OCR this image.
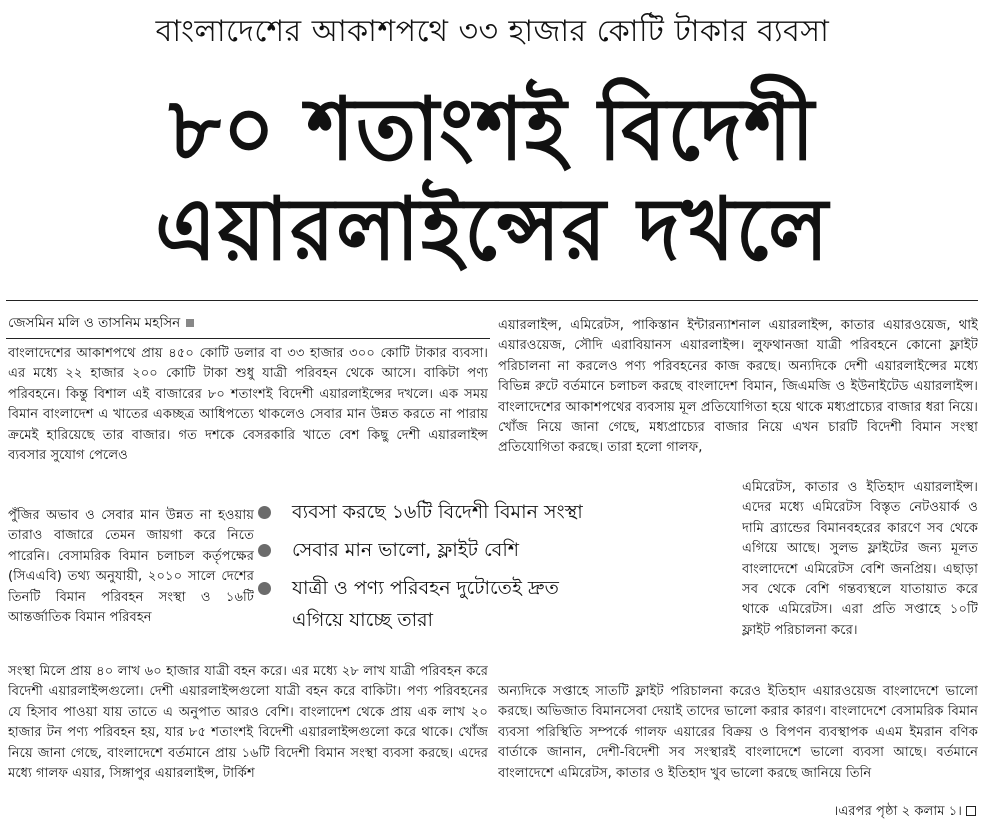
বাংলাদেশের আকাশপথে ৩৩ হাজার কোটি টাকার ব্যবসা
৮০ শতাংশই বিদেশী
এয়ারলাইন্সের দখলে
জেসমিন মলি ও তাসনিম মহসিন

বাংলাদেশের আকাশপথে প্রায় ৪৫০ কোটি ডলার বা ৩৩ হাজার ৩০০ কোটি টাকার ব্যবসা। এর মধ্যে ২২ হাজার ২০০ কোটি টাকা শুধু যাত্রী পরিবহন থেকে আসে। বাকিটা পণ্য পরিবহনে। কিন্তু বিশাল এই বাজারের ৮০ শতাংশই বিদেশী এয়ারলাইন্সের দখলে। এক সময় বিমান বাংলাদেশ এ খাতের একচ্ছত্র আধিপত্যে থাকলেও সেবার মান উন্নত করতে না পারায় ক্রমেই হারিয়েছে তার বাজার। গত দশকে বেসরকারি খাতে বেশ কিছু দেশী এয়ারলাইন্স ব্যবসার সুযোগ পেলেও

পুঁজির অভাব ও সেবার মান উন্নত না হওয়ায় তারাও বাজারে তেমন জায়গা করে নিতে পারেনি। বেসামরিক বিমান চলাচল কর্তৃপক্ষের (সিএএবি) তথ্য অনুযায়ী, ২০১০ সালে দেশের তিনটি বিমান পরিবহন সংস্থা ও ১৬টি আন্তর্জাতিক বিমান পরিবহন

সংস্থা মিলে প্রায় ৪০ লাখ ৬০ হাজার যাত্রী বহন করে। এর মধ্যে ২৮ লাখ যাত্রী পরিবহন করে বিদেশী এয়ারলাইন্সগুলো। দেশী এয়ারলাইন্সগুলো যাত্রী বহন করে বাকিটা। পণ্য পরিবহনের যে হিসাব পাওয়া যায় তাতে এ অনুপাত আরও বেশি। বাংলাদেশ থেকে প্রায় এক লাখ ২০ হাজার টন পণ্য পরিবহন হয়, যার ৮৫ শতাংশই বিদেশী এয়ারলাইন্সগুলো করে থাকে। খোঁজ নিয়ে জানা গেছে, বাংলাদেশে বর্তমানে প্রায় ১৬টি বিদেশী বিমান সংস্থা ব্যবসা করছে। এদের মধ্যে গালফ এয়ার, সিঙ্গাপুর এয়ারলাইন্স, টার্কিশ

এয়ারলাইন্স, এমিরেটস, পাকিস্তান ইন্টারন্যাশনাল এয়ারলাইন্স, কাতার এয়ারওয়েজ, থাই এয়ারওয়েজ, সৌদি এরাবিয়ানস এয়ারলাইন্স। লুফথানজা যাত্রী পরিবহনে কোনো ফ্লাইট পরিচালনা না করলেও পণ্য পরিবহনের কাজ করছে। অন্যদিকে দেশী এয়ারলাইন্সের মধ্যে বিভিন্ন রুটে বর্তমানে চলাচল করছে বাংলাদেশ বিমান, জিএমজি ও ইউনাইটেড এয়ারলাইন্স। বাংলাদেশের আকাশপথের ব্যবসায় মূল প্রতিযোগিতা হয়ে থাকে মধ্যপ্রাচ্যের বাজার ধরা নিয়ে। খোঁজ নিয়ে জানা গেছে, মধ্যপ্রাচ্যের বাজার নিয়ে এখন চারটি বিদেশী বিমান সংস্থা প্রতিযোগিতা করছে। তারা হলো গালফ,

এমিরেটস, কাতার ও ইতিহাদ এয়ারলাইন্স। এদের মধ্যে এমিরেটস বিস্তৃত নেটওয়ার্ক ও দামি ব্র্যান্ডের বিমানবহরের কারণে সব থেকে এগিয়ে আছে। সুলভ ফ্লাইটের জন্য মূলত বাংলাদেশে এমিরেটস বেশি জনপ্রিয়। এছাড়া সব থেকে বেশি গন্তব্যস্থলে যাতায়াত করে থাকে এমিরেটস। এরা প্রতি সপ্তাহে ১০টি ফ্লাইট পরিচালনা করে।

অন্যদিকে সপ্তাহে সাতটি ফ্লাইট পরিচালনা করেও ইতিহাদ এয়ারওয়েজ বাংলাদেশে ভালো করছে। অভিজাত বিমানসেবা দেয়াই তাদের ভালো করার কারণ। বাংলাদেশে বেসামরিক বিমান ব্যবসা পরিস্থিতি সম্পর্কে গালফ এয়ারের বিক্রয় ও বিপণন ব্যবস্থাপক এএম ইমরান বণিক বার্তাকে জানান, দেশী-বিদেশী সব সংস্থারই বাংলাদেশে ভালো ব্যবসা আছে। বর্তমানে বাংলাদেশে এমিরেটস, কাতার ও ইতিহাদ খুব ভালো করছে জানিয়ে তিনি

।এরপর পৃষ্ঠা ২ কলাম ১।
ব্যবসা করছে ১৬টি বিদেশী বিমান সংস্থা
সেবার মান ভালো, ফ্লাইট বেশি
যাত্রী ও পণ্য পরিবহন দুটোতেই দ্রুত
এগিয়ে যাচ্ছে তারা
